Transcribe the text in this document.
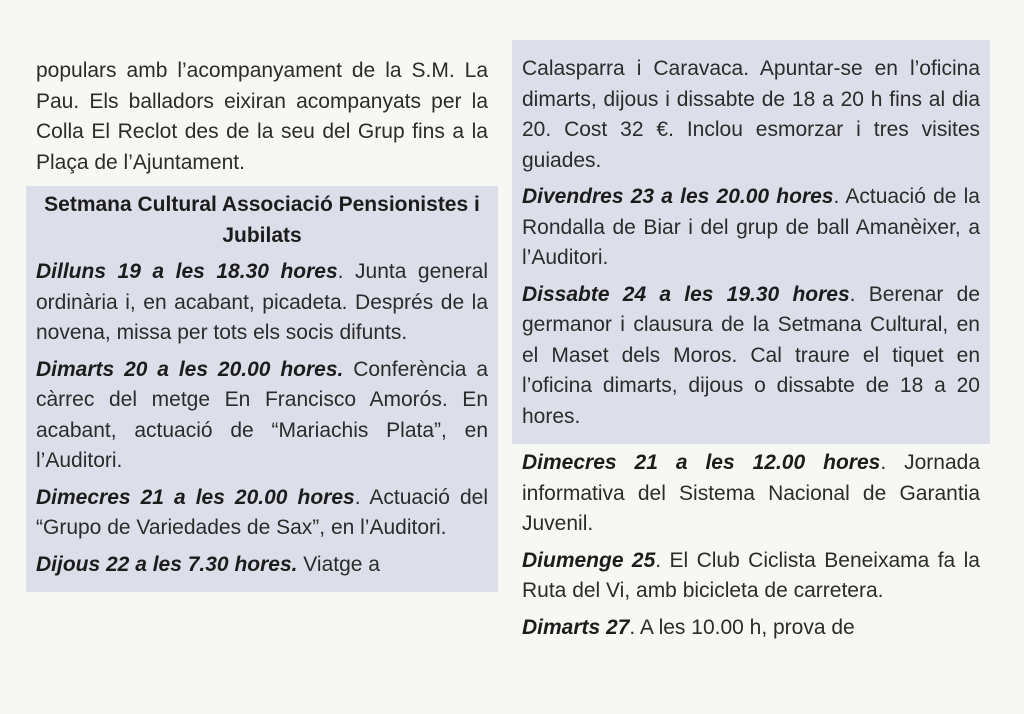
populars amb l’acompanyament de la S.M. La Pau. Els balladors eixiran acompanyats per la Colla El Reclot des de la seu del Grup fins a la Plaça de l’Ajuntament.

Setmana Cultural Associació Pensionistes i Jubilats

Dilluns 19 a les 18.30 hores. Junta general ordinària i, en acabant, picadeta. Després de la novena, missa per tots els socis difunts.

Dimarts 20 a les 20.00 hores. Conferència a càrrec del metge En Francisco Amorós. En acabant, actuació de “Mariachis Plata”, en l’Auditori.

Dimecres 21 a les 20.00 hores. Actuació del “Grupo de Variedades de Sax”, en l’Auditori.

Dijous 22 a les 7.30 hores. Viatge a

Calasparra i Caravaca. Apuntar-se en l’oficina dimarts, dijous i dissabte de 18 a 20 h fins al dia 20. Cost 32 €. Inclou esmorzar i tres visites guiades.

Divendres 23 a les 20.00 hores. Actuació de la Rondalla de Biar i del grup de ball Amanèixer, a l’Auditori.

Dissabte 24 a les 19.30 hores. Berenar de germanor i clausura de la Setmana Cultural, en el Maset dels Moros. Cal traure el tiquet en l’oficina dimarts, dijous o dissabte de 18 a 20 hores.

Dimecres 21 a les 12.00 hores. Jornada informativa del Sistema Nacional de Garantia Juvenil.

Diumenge 25. El Club Ciclista Beneixama fa la Ruta del Vi, amb bicicleta de carretera.

Dimarts 27. A les 10.00 h, prova de
